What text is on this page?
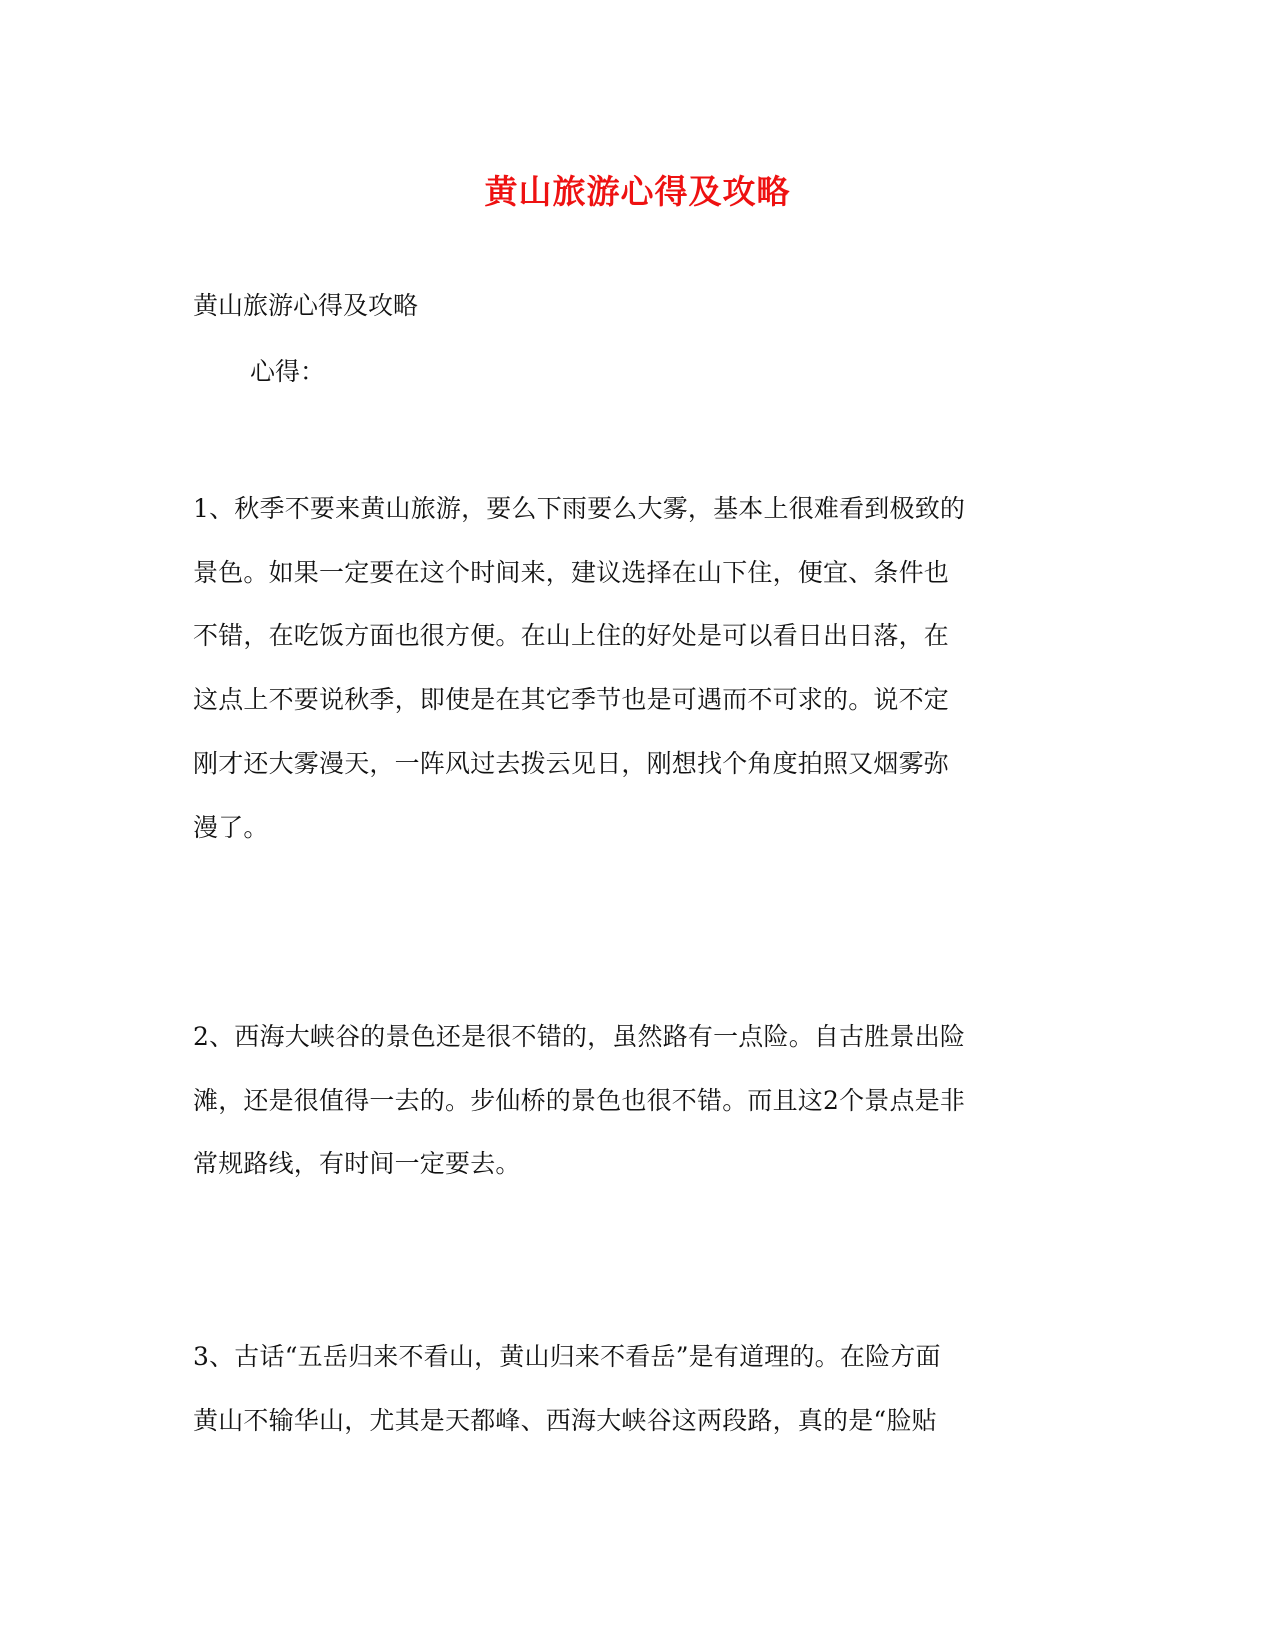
黄山旅游心得及攻略
黄山旅游心得及攻略
心得：
1、秋季不要来黄山旅游，要么下雨要么大雾，基本上很难看到极致的
景色。如果一定要在这个时间来，建议选择在山下住，便宜、条件也
不错，在吃饭方面也很方便。在山上住的好处是可以看日出日落，在
这点上不要说秋季，即使是在其它季节也是可遇而不可求的。说不定
刚才还大雾漫天，一阵风过去拨云见日，刚想找个角度拍照又烟雾弥
漫了。
2、西海大峡谷的景色还是很不错的，虽然路有一点险。自古胜景出险
滩，还是很值得一去的。步仙桥的景色也很不错。而且这2个景点是非
常规路线，有时间一定要去。
3、古话“五岳归来不看山，黄山归来不看岳”是有道理的。在险方面
黄山不输华山，尤其是天都峰、西海大峡谷这两段路，真的是“脸贴
